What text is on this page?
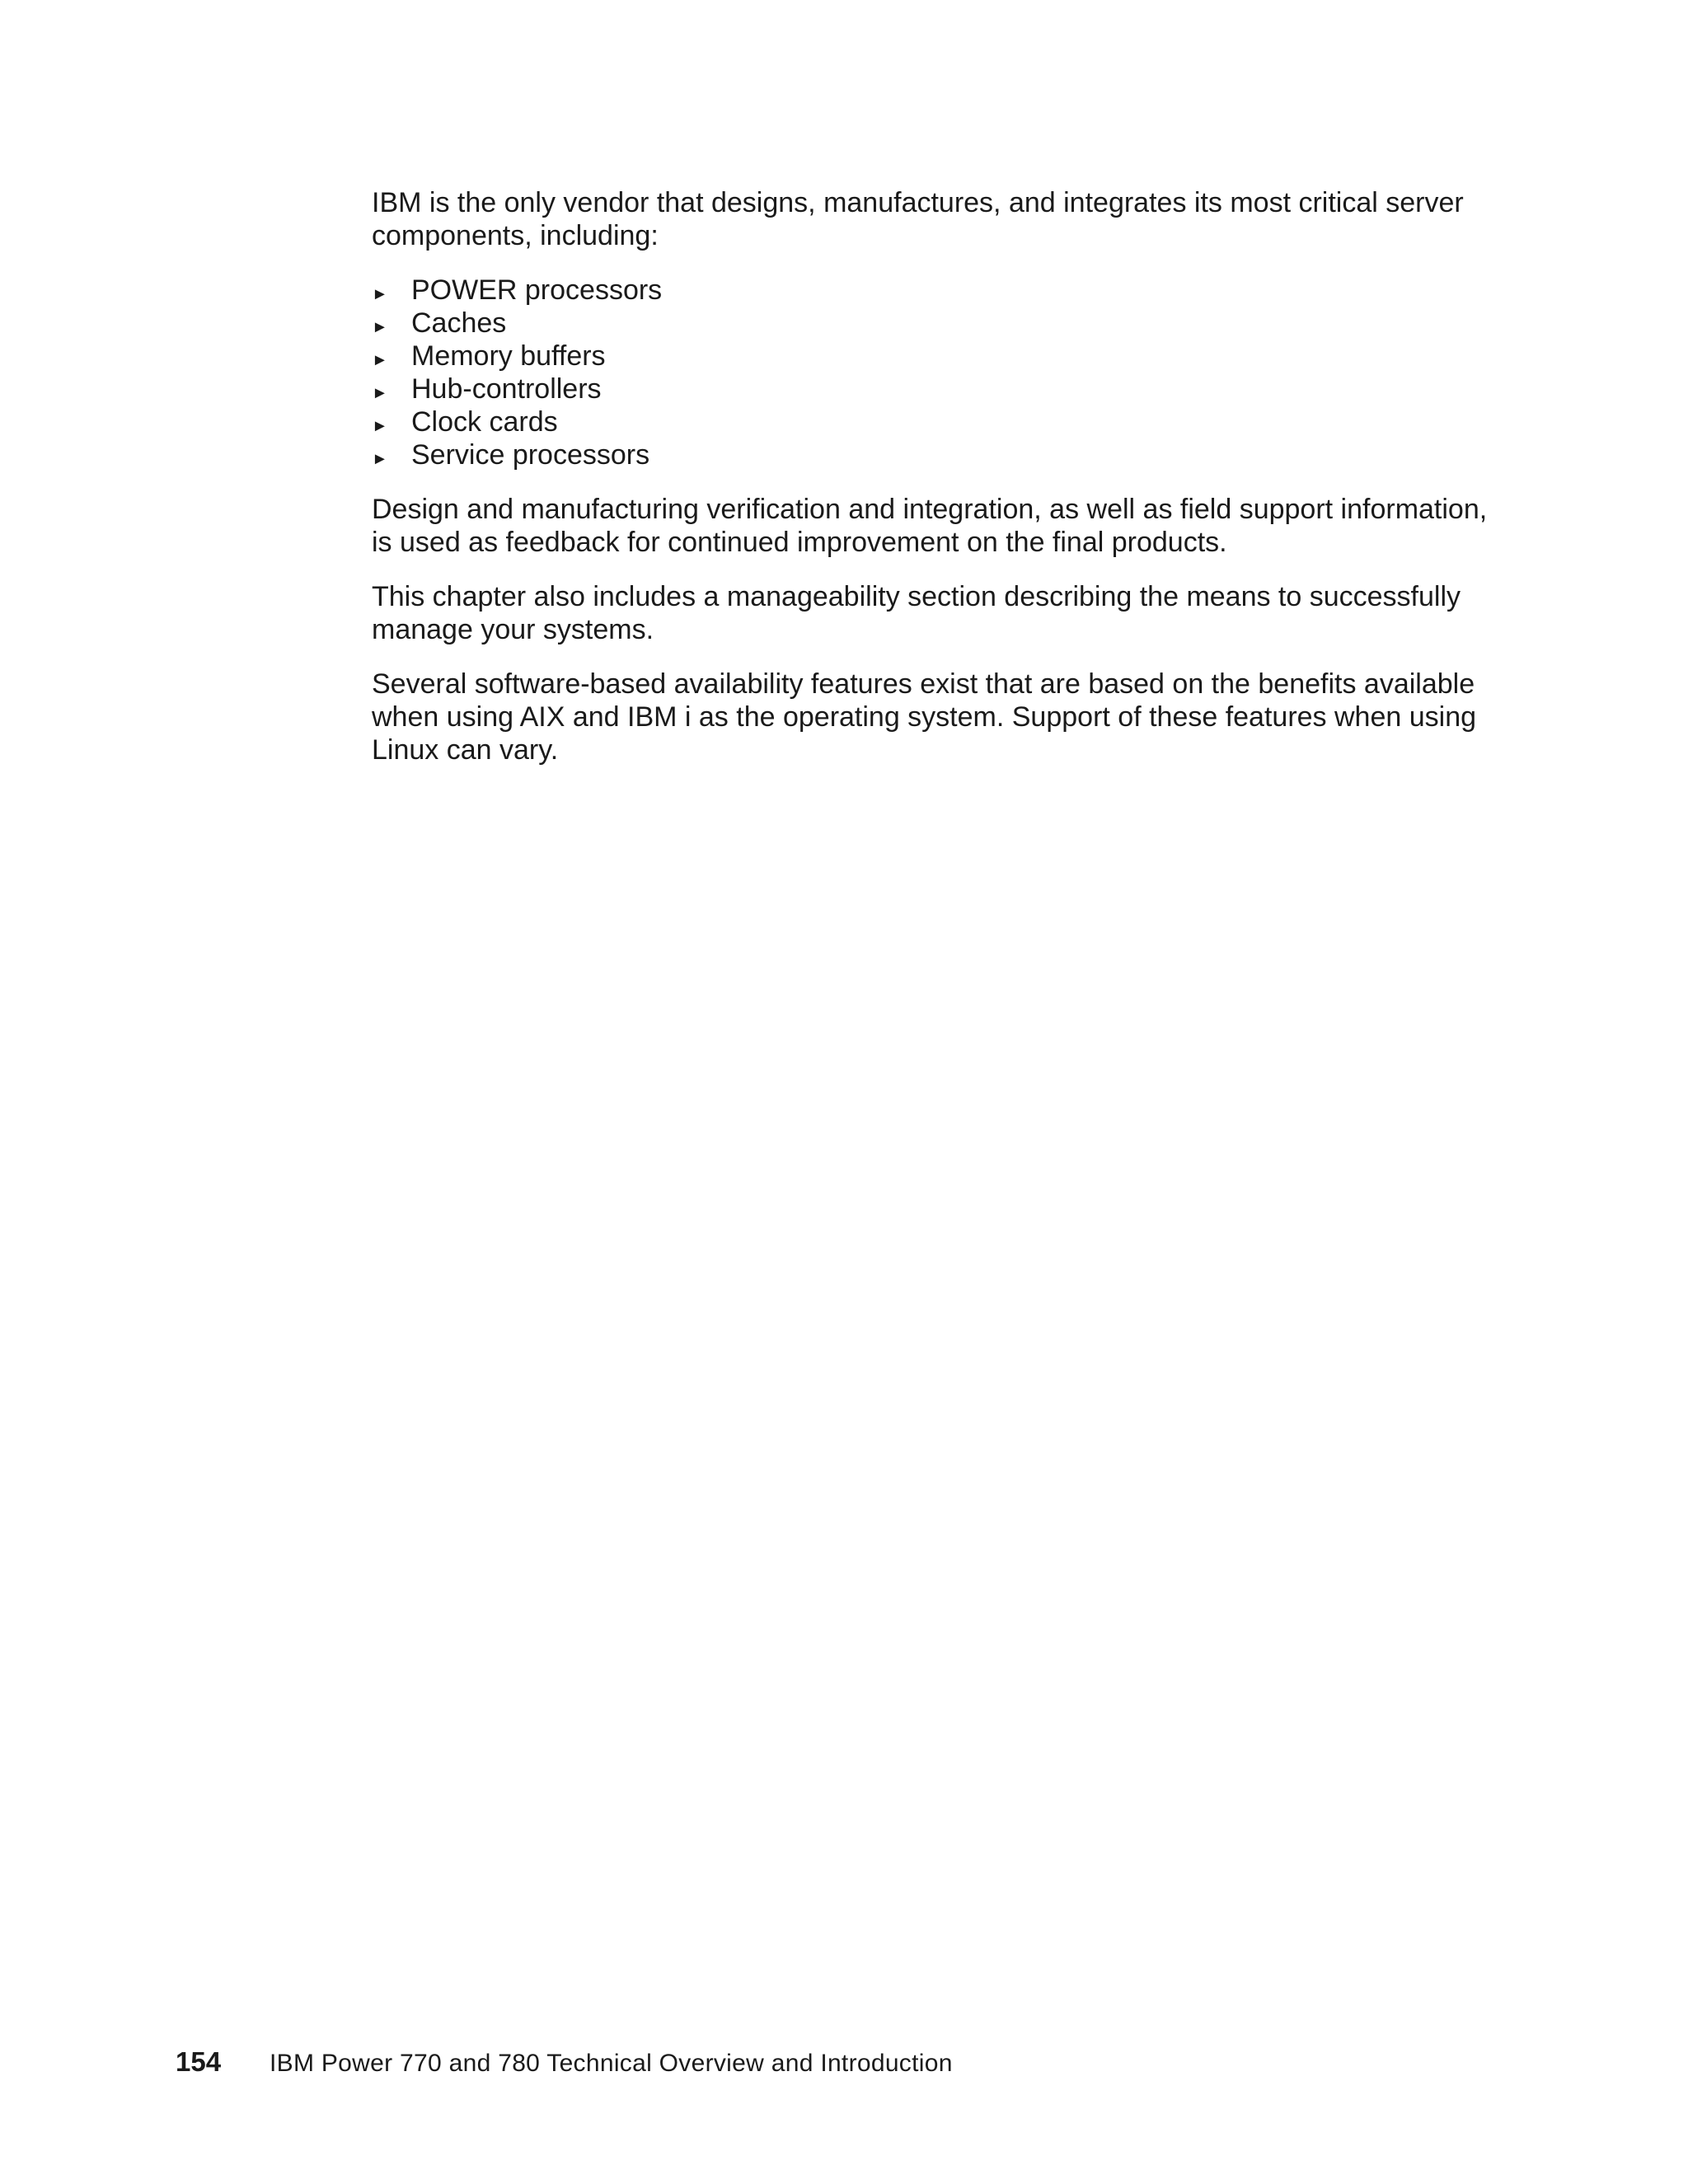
IBM is the only vendor that designs, manufactures, and integrates its most critical server components, including:

► POWER processors
► Caches
► Memory buffers
► Hub-controllers
► Clock cards
► Service processors

Design and manufacturing verification and integration, as well as field support information, is used as feedback for continued improvement on the final products.

This chapter also includes a manageability section describing the means to successfully manage your systems.

Several software-based availability features exist that are based on the benefits available when using AIX and IBM i as the operating system. Support of these features when using Linux can vary.

154	IBM Power 770 and 780 Technical Overview and Introduction
